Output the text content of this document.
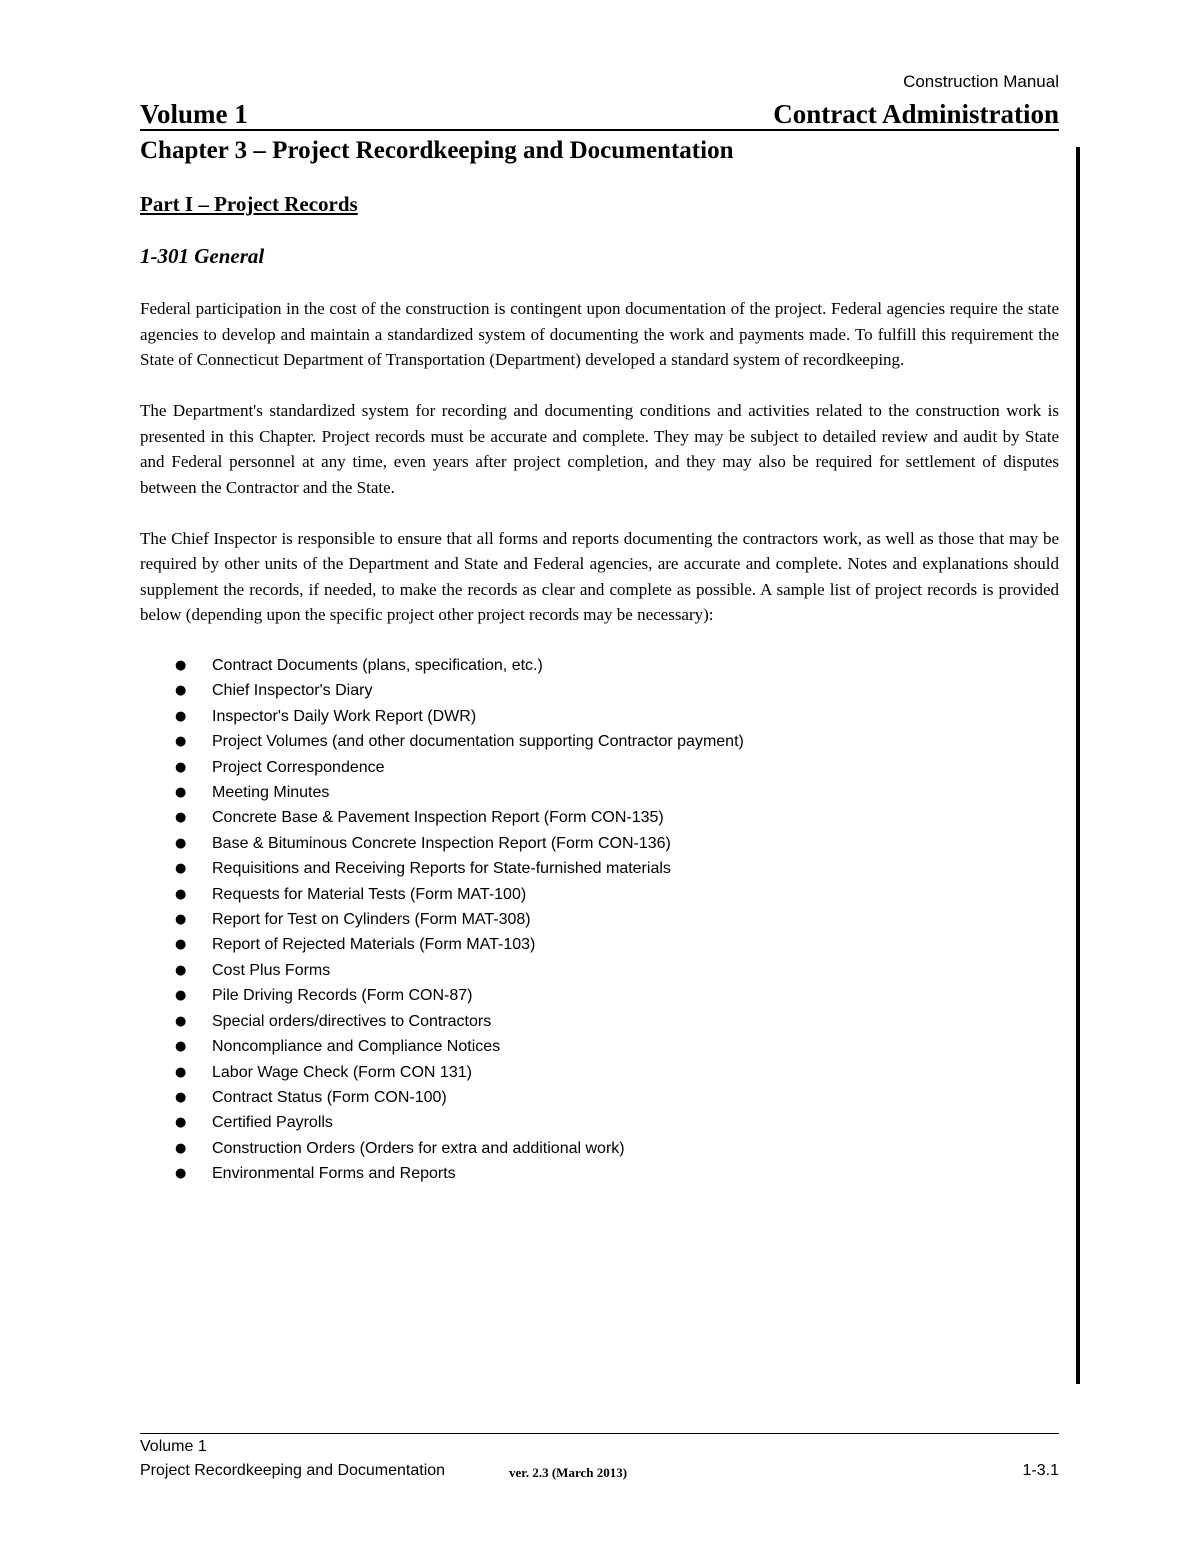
Construction Manual
Volume 1	Contract Administration
Chapter 3 – Project Recordkeeping and Documentation
Part I – Project Records
1-301 General

Federal participation in the cost of the construction is contingent upon documentation of the project. Federal agencies require the state agencies to develop and maintain a standardized system of documenting the work and payments made. To fulfill this requirement the State of Connecticut Department of Transportation (Department) developed a standard system of recordkeeping.

The Department's standardized system for recording and documenting conditions and activities related to the construction work is presented in this Chapter. Project records must be accurate and complete. They may be subject to detailed review and audit by State and Federal personnel at any time, even years after project completion, and they may also be required for settlement of disputes between the Contractor and the State.

The Chief Inspector is responsible to ensure that all forms and reports documenting the contractors work, as well as those that may be required by other units of the Department and State and Federal agencies, are accurate and complete. Notes and explanations should supplement the records, if needed, to make the records as clear and complete as possible. A sample list of project records is provided below (depending upon the specific project other project records may be necessary):

● Contract Documents (plans, specification, etc.)
● Chief Inspector's Diary
● Inspector's Daily Work Report (DWR)
● Project Volumes (and other documentation supporting Contractor payment)
● Project Correspondence
● Meeting Minutes
● Concrete Base & Pavement Inspection Report (Form CON-135)
● Base & Bituminous Concrete Inspection Report (Form CON-136)
● Requisitions and Receiving Reports for State-furnished materials
● Requests for Material Tests (Form MAT-100)
● Report for Test on Cylinders (Form MAT-308)
● Report of Rejected Materials (Form MAT-103)
● Cost Plus Forms
● Pile Driving Records (Form CON-87)
● Special orders/directives to Contractors
● Noncompliance and Compliance Notices
● Labor Wage Check (Form CON 131)
● Contract Status (Form CON-100)
● Certified Payrolls
● Construction Orders (Orders for extra and additional work)
● Environmental Forms and Reports
Volume 1
Project Recordkeeping and Documentation	ver. 2.3 (March 2013)	1-3.1
